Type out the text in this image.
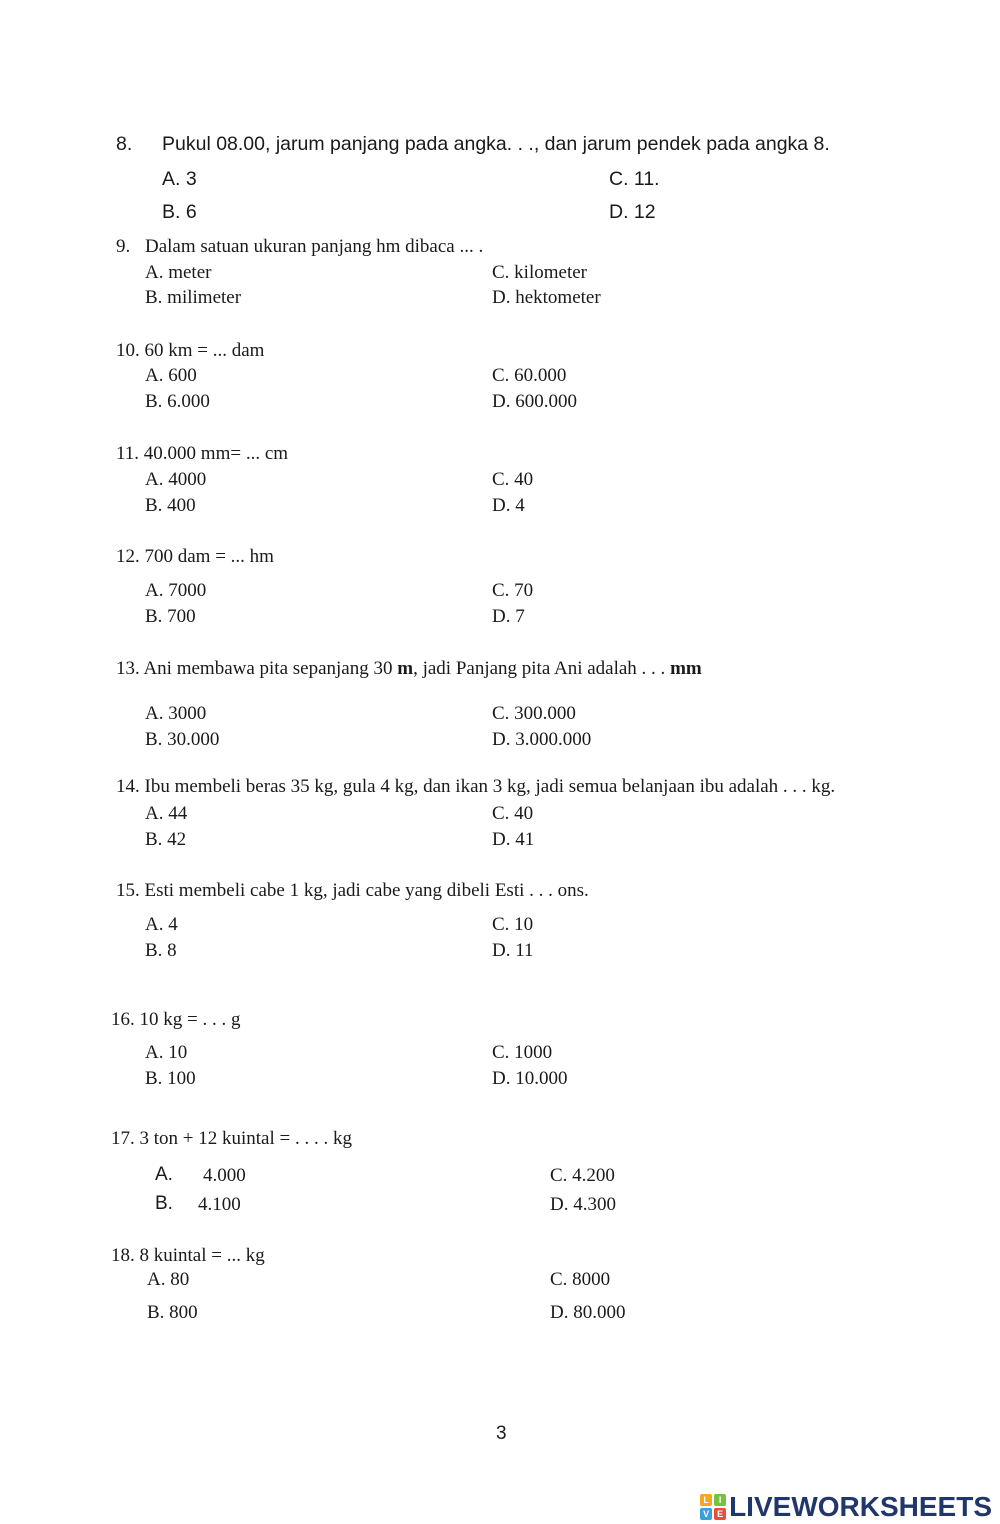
8. Pukul 08.00, jarum panjang pada angka. . ., dan jarum pendek pada angka 8.
A. 3
B. 6
C. 11.
D. 12
9. Dalam satuan ukuran panjang hm dibaca ... .
A. meter
B. milimeter
C. kilometer
D. hektometer
10. 60 km = ... dam
A. 600
B. 6.000
C. 60.000
D. 600.000
11. 40.000 mm= ... cm
A. 4000
B. 400
C. 40
D. 4
12. 700 dam = ... hm
A. 7000
B. 700
C. 70
D. 7
13. Ani membawa pita sepanjang 30 m, jadi Panjang pita Ani adalah . . . mm
A. 3000
B. 30.000
C. 300.000
D. 3.000.000
14. Ibu membeli beras 35 kg, gula 4 kg, dan ikan 3 kg, jadi semua belanjaan ibu adalah . . . kg.
A. 44
B. 42
C. 40
D. 41
15. Esti membeli cabe 1 kg, jadi cabe yang dibeli Esti . . . ons.
A. 4
B. 8
C. 10
D. 11
16. 10 kg = . . . g
A. 10
B. 100
C. 1000
D. 10.000
17. 3 ton + 12 kuintal = . . . . kg
A. 4.000
B. 4.100
C. 4.200
D. 4.300
18. 8 kuintal = ... kg
A. 80
B. 800
C. 8000
D. 80.000
3
L	I
V E LIVEWORKSHEETS
